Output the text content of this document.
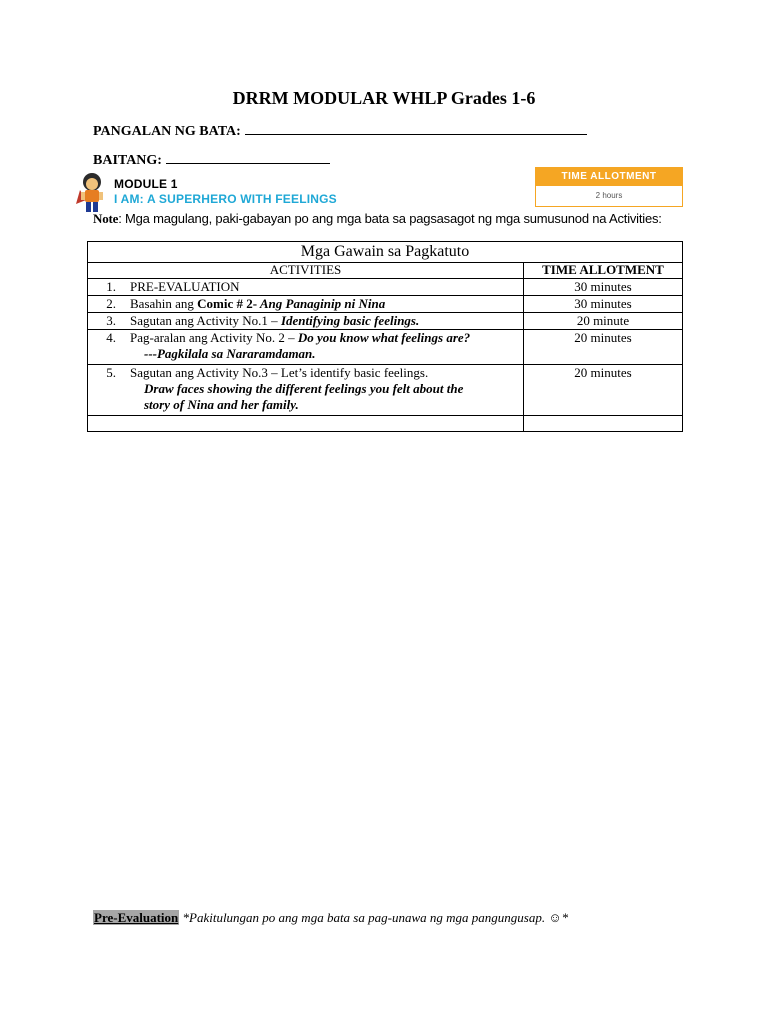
DRRM MODULAR WHLP Grades 1-6
PANGALAN NG BATA:
BAITANG:
MODULE 1
I AM: A SUPERHERO WITH FEELINGS
TIME ALLOTMENT
2 hours
Note: Mga magulang, paki-gabayan po ang mga bata sa pagsasagot ng mga sumusunod na Activities:
Mga Gawain sa Pagkatuto	
ACTIVITIES	TIME ALLOTMENT
1. PRE-EVALUATION	30 minutes
2. Basahin ang Comic # 2- Ang Panaginip ni Nina	30 minutes
3. Sagutan ang Activity No.1 – Identifying basic feelings.	20 minute

4. Pag-aralan ang Activity No. 2 – Do you know what feelings are?
---Pagkilala sa Nararamdaman.	20 minutes

5. Sagutan ang Activity No.3 – Let’s identify basic feelings.
Draw faces showing the different feelings you felt about the
story of Nina and her family.	20 minutes

Pre-Evaluation *Pakitulungan po ang mga bata sa pag-unawa ng mga pangungusap. ☺*
